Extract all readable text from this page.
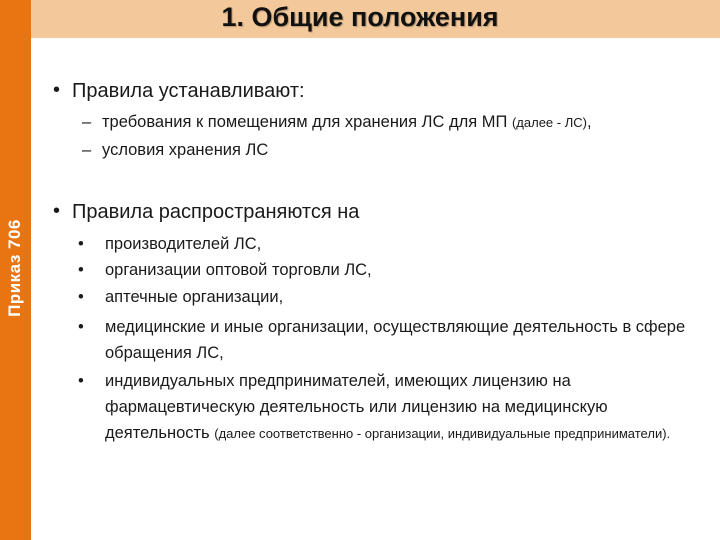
Приказ 706
1. Общие положения
• Правила устанавливают:
– требования к помещениям для хранения ЛС для МП (далее - ЛС),
– условия хранения ЛС
• Правила распространяются на
• производителей ЛС,
• организации оптовой торговли ЛС,
• аптечные организации,
• медицинские и иные организации, осуществляющие деятельность в сфере обращения ЛС,
• индивидуальных предпринимателей, имеющих лицензию на фармацевтическую деятельность или лицензию на медицинскую деятельность (далее соответственно - организации, индивидуальные предприниматели).
